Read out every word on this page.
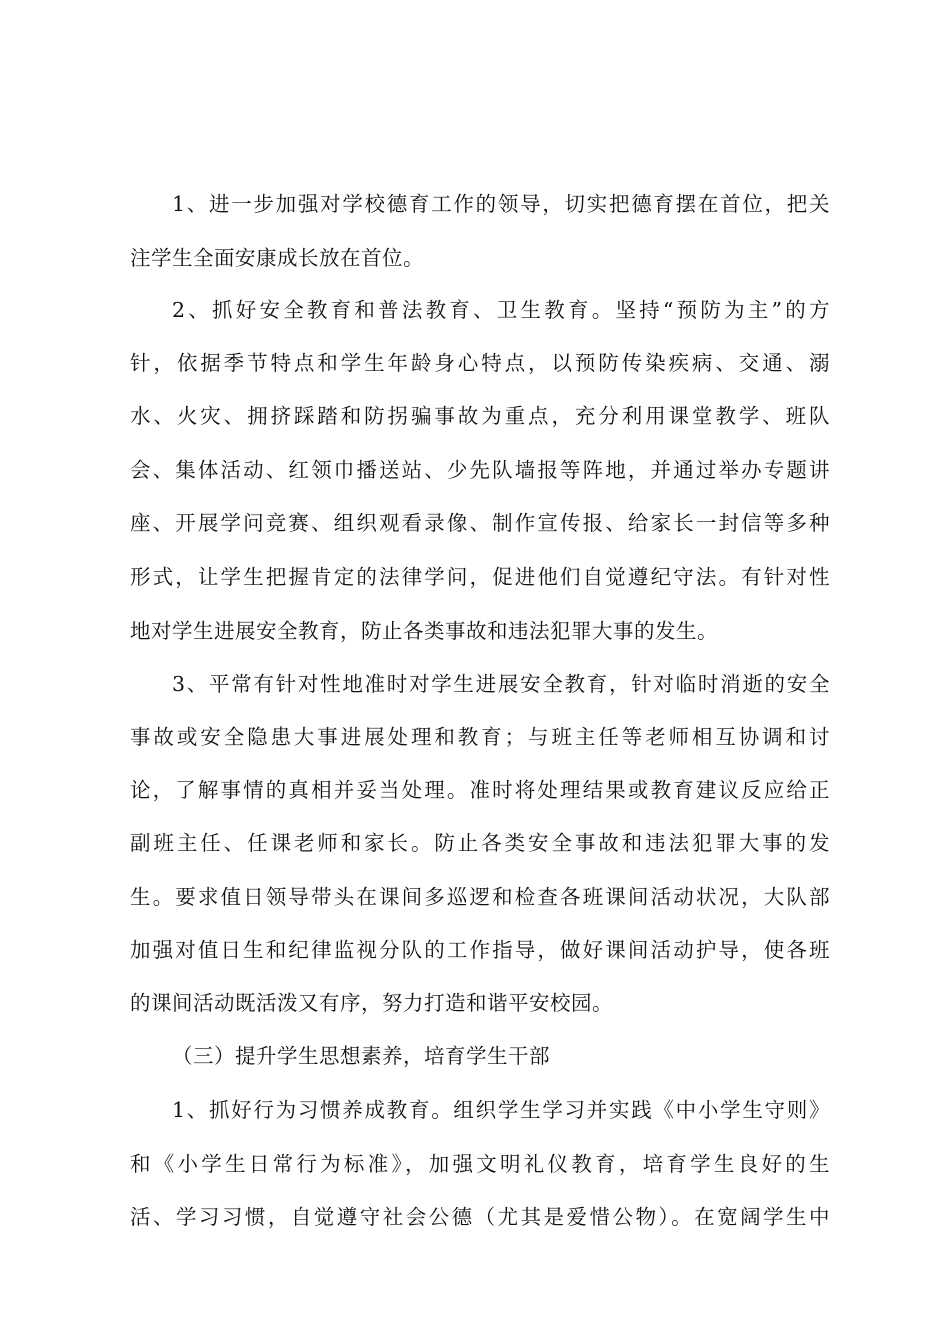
1、进一步加强对学校德育工作的领导，切实把德育摆在首位，把关
注学生全面安康成长放在首位。
2、抓好安全教育和普法教育、卫生教育。坚持“预防为主”的方
针，依据季节特点和学生年龄身心特点，以预防传染疾病、交通、溺
水、火灾、拥挤踩踏和防拐骗事故为重点，充分利用课堂教学、班队
会、集体活动、红领巾播送站、少先队墙报等阵地，并通过举办专题讲
座、开展学问竞赛、组织观看录像、制作宣传报、给家长一封信等多种
形式，让学生把握肯定的法律学问，促进他们自觉遵纪守法。有针对性
地对学生进展安全教育，防止各类事故和违法犯罪大事的发生。
3、平常有针对性地准时对学生进展安全教育，针对临时消逝的安全
事故或安全隐患大事进展处理和教育；与班主任等老师相互协调和讨
论，了解事情的真相并妥当处理。准时将处理结果或教育建议反应给正
副班主任、任课老师和家长。防止各类安全事故和违法犯罪大事的发
生。要求值日领导带头在课间多巡逻和检查各班课间活动状况，大队部
加强对值日生和纪律监视分队的工作指导，做好课间活动护导，使各班
的课间活动既活泼又有序，努力打造和谐平安校园。
（三）提升学生思想素养，培育学生干部
1、抓好行为习惯养成教育。组织学生学习并实践《中小学生守则》
和《小学生日常行为标准》，加强文明礼仪教育，培育学生良好的生
活、学习习惯，自觉遵守社会公德（尤其是爱惜公物）。在宽阔学生中
